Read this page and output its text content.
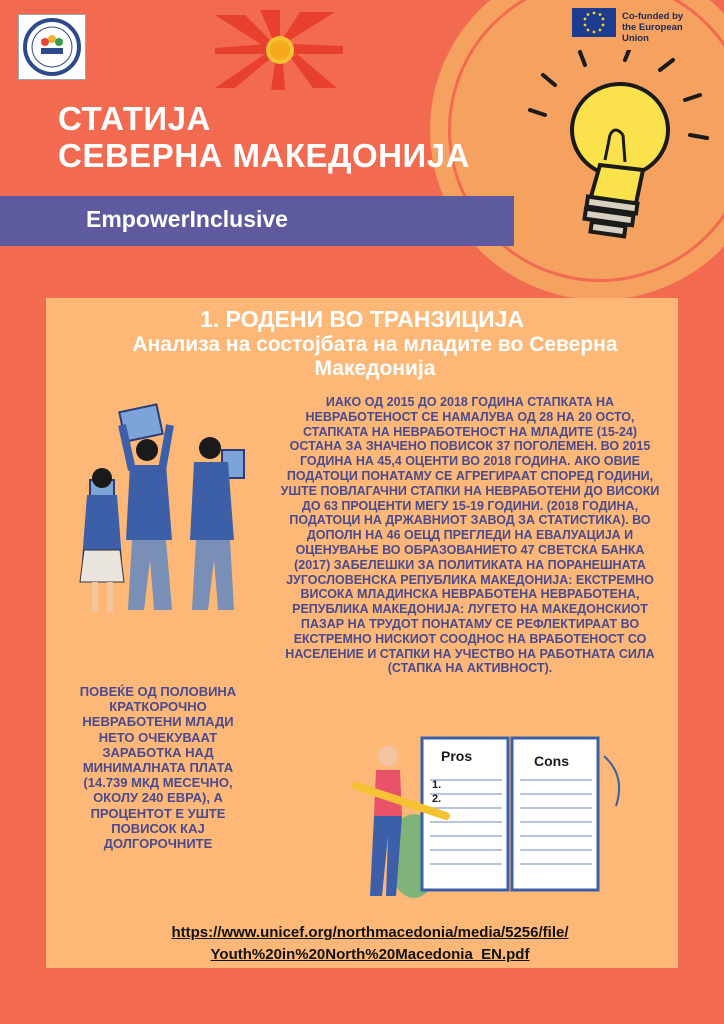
Co-funded by
the European Union
СТАТИЈА
СЕВЕРНА МАКЕДОНИЈА
EmpowerInclusive
1. РОДЕНИ ВО ТРАНЗИЦИЈА
Анализа на состојбата на младите во Северна Македонија
ИАКО ОД 2015 ДО 2018 ГОДИНА СТАПКАТА НА НЕВРАБОТЕНОСТ СЕ НАМАЛУВА ОД 28 НА 20 ОСТО, СТАПКАТА НА НЕВРАБОТЕНОСТ НА МЛАДИТЕ (15-24) ОСТАНА ЗА ЗНАЧЕНО ПОВИСОК 37 ПОГОЛЕМЕН. ВО 2015 ГОДИНА НА 45,4 ОЦЕНТИ ВО 2018 ГОДИНА. АКО ОВИЕ ПОДАТОЦИ ПОНАТАМУ СЕ АГРЕГИРААТ СПОРЕД ГОДИНИ, УШТЕ ПОВЛАГАЧНИ СТАПКИ НА НЕВРАБОТЕНИ ДО ВИСОКИ ДО 63 ПРОЦЕНТИ МЕГУ 15-19 ГОДИНИ. (2018 ГОДИНА, ПОДАТОЦИ НА ДРЖАВНИОТ ЗАВОД ЗА СТАТИСТИКА). ВО ДОПОЛН НА 46 ОЕЦД ПРЕГЛЕДИ НА ЕВАЛУАЦИЈА И ОЦЕНУВАЊЕ ВО ОБРАЗОВАНИЕТО 47 СВЕТСКА БАНКА (2017) ЗАБЕЛЕШКИ ЗА ПОЛИТИКАТА НА ПОРАНЕШНАТА ЈУГОСЛОВЕНСКА РЕПУБЛИКА МАКЕДОНИЈА: ЕКСТРЕМНО ВИСОКА МЛАДИНСКА НЕВРАБОТЕНА НЕВРАБОТЕНА, РЕПУБЛИКА МАКЕДОНИЈА: ЛУГЕТО НА МАКЕДОНСКИОТ ПАЗАР НА ТРУДОТ ПОНАТАМУ СЕ РЕФЛЕКТИРААТ ВО ЕКСТРЕМНО НИСКИОТ СООДНОC НА ВРАБОТЕНОСТ СО НАСЕЛЕНИЕ И СТАПКИ НА УЧЕСТВО НА РАБОТНАТА СИЛА (СТАПКА НА АКТИВНОСТ).
ПОВЕЌЕ ОД ПОЛОВИНА КРАТКОРОЧНО НЕВРАБОТЕНИ МЛАДИ НЕТО ОЧЕКУВААТ ЗАРАБОТКА НАД МИНИМАЛНАТА ПЛАТА (14.739 МКД МЕСЕЧНО, ОКОЛУ 240 ЕВРА), А ПРОЦЕНТОТ Е УШТЕ ПОВИСОК КАЈ ДОЛГОРОЧНИТЕ
Pros	Cons
1.
2.
https://www.unicef.org/northmacedonia/media/5256/file/
Youth%20in%20North%20Macedonia_EN.pdf
